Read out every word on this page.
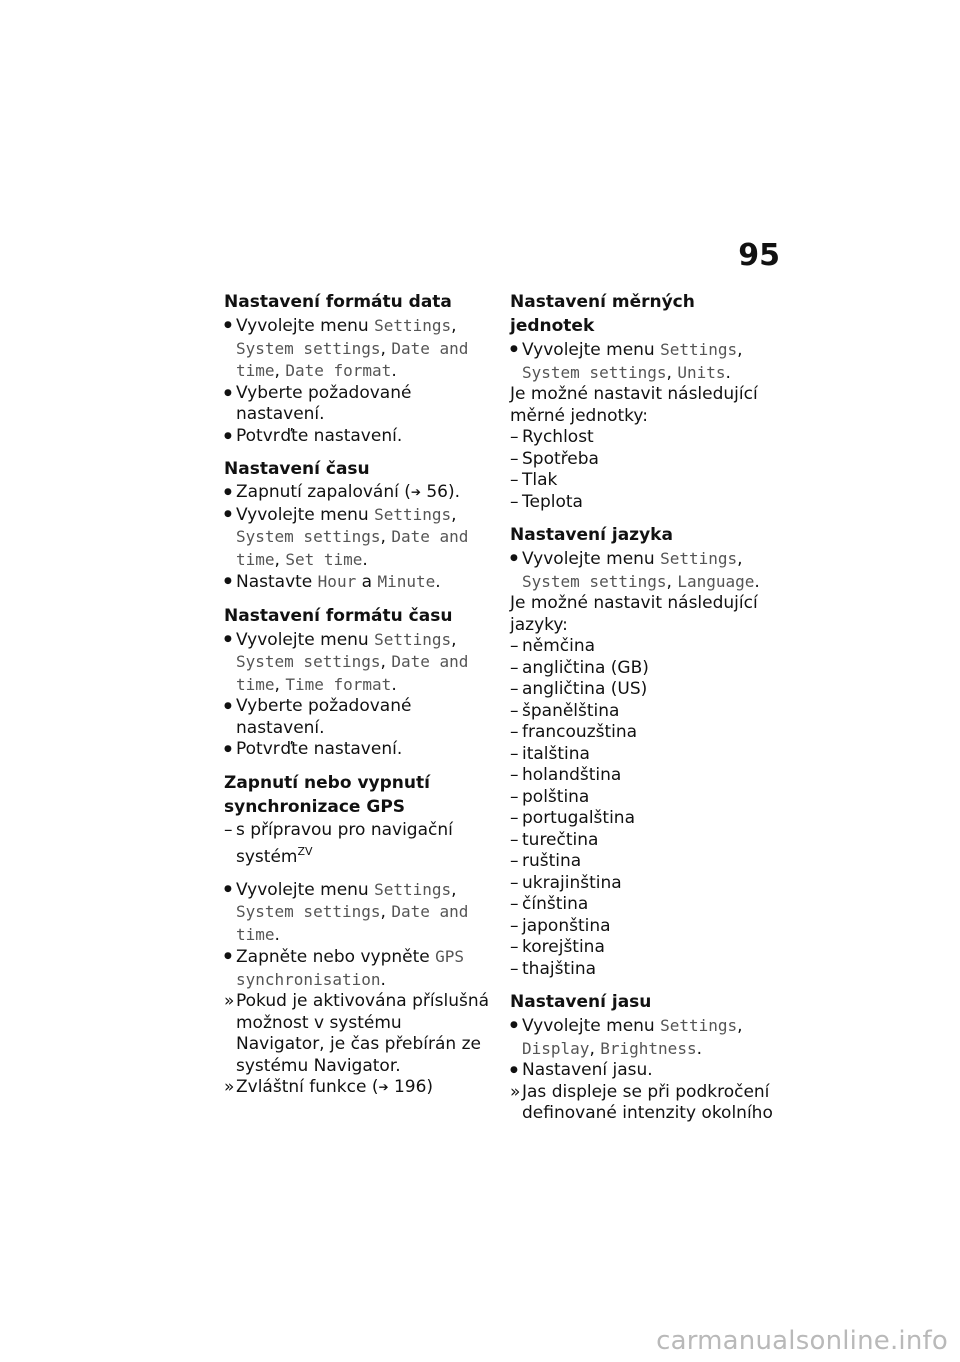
95
Nastavení formátu data
●
Vyvolejte menu Settings, System settings, Date and time, Date format.
●
Vyberte požadované nastavení.
●
Potvrďte nastavení.
Nastavení času
●
Zapnutí zapalování (➔ 56).
●
Vyvolejte menu Settings, System settings, Date and time, Set time.
●
Nastavte Hour a Minute.
Nastavení formátu času
●
Vyvolejte menu Settings, System settings, Date and time, Time format.
●
Vyberte požadované nastavení.
●
Potvrďte nastavení.
Zapnutí nebo vypnutí synchronizace GPS
–
s přípravou pro navigační systém$^{ZV}$
●
Vyvolejte menu Settings, System settings, Date and time.
●
Zapněte nebo vypněte GPS synchronisation.
»
Pokud je aktivována příslušná možnost v systému Navigator, je čas přebírán ze systému Navigator.
»
Zvláštní funkce (➔ 196)
Nastavení měrných jednotek
●
Vyvolejte menu Settings, System settings, Units.
Je možné nastavit následující měrné jednotky:
–
Rychlost
–
Spotřeba
–
Tlak
–
Teplota
Nastavení jazyka
●
Vyvolejte menu Settings, System settings, Language.
Je možné nastavit následující jazyky:
–
němčina
–
angličtina (GB)
–
angličtina (US)
–
španělština
–
francouzština
–
italština
–
holandština
–
polština
–
portugalština
–
turečtina
–
ruština
–
ukrajinština
–
čínština
–
japonština
–
korejština
–
thajština
Nastavení jasu
●
Vyvolejte menu Settings, Display, Brightness.
●
Nastavení jasu.
»
Jas displeje se při podkročení definované intenzity okolního
carmanualsonline.info
